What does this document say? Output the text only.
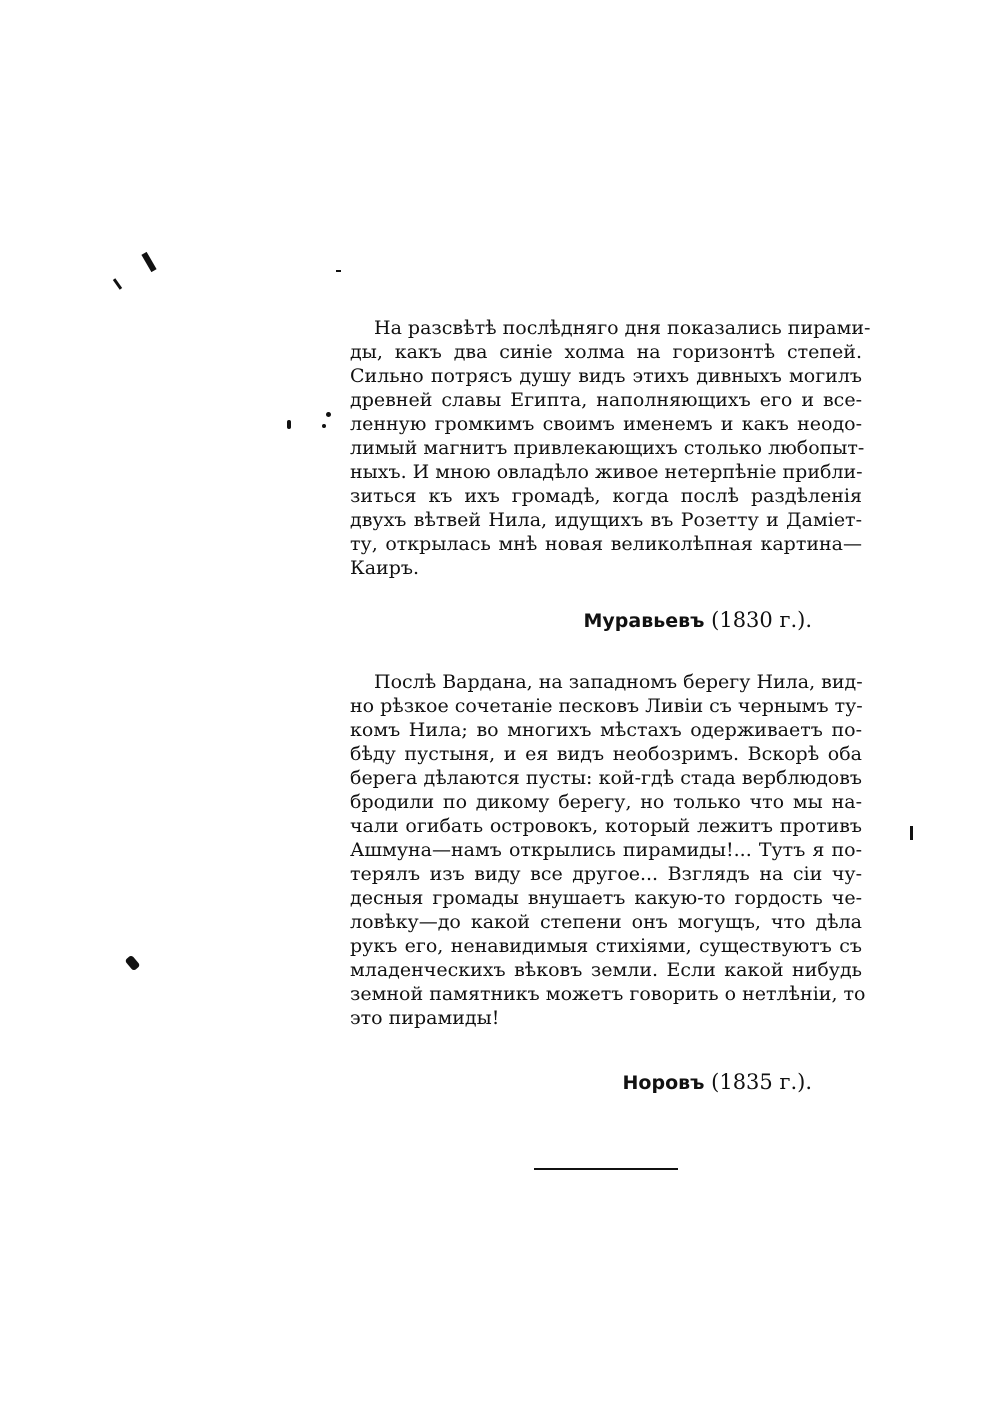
На разсвѣтѣ послѣдняго дня показались пирами-
ды, какъ два синіе холма на горизонтѣ степей.
Сильно потрясъ душу видъ этихъ дивныхъ могилъ
древней славы Египта, наполняющихъ его и все-
ленную громкимъ своимъ именемъ и какъ неодо-
лимый магнитъ привлекающихъ столько любопыт-
ныхъ. И мною овладѣло живое нетерпѣніе прибли-
зиться къ ихъ громадѣ, когда послѣ раздѣленія
двухъ вѣтвей Нила, идущихъ въ Розетту и Даміет-
ту, открылась мнѣ новая великолѣпная картина—
Каиръ.
Муравьевъ (1830 г.).
Послѣ Вардана, на западномъ берегу Нила, вид-
но рѣзкое сочетаніе песковъ Ливіи съ чернымъ ту-
комъ Нила; во многихъ мѣстахъ одерживаетъ по-
бѣду пустыня, и ея видъ необозримъ. Вскорѣ оба
берега дѣлаются пусты: кой-гдѣ стада верблюдовъ
бродили по дикому берегу, но только что мы на-
чали огибать островокъ, который лежитъ противъ
Ашмуна—намъ открылись пирамиды!... Тутъ я по-
терялъ изъ виду все другое... Взглядъ на сіи чу-
десныя громады внушаетъ какую-то гордость че-
ловѣку—до какой степени онъ могущъ, что дѣла
рукъ его, ненавидимыя стихіями, существуютъ съ
младенческихъ вѣковъ земли. Если какой нибудь
земной памятникъ можетъ говорить о нетлѣніи, то
это пирамиды!
Норовъ (1835 г.).
